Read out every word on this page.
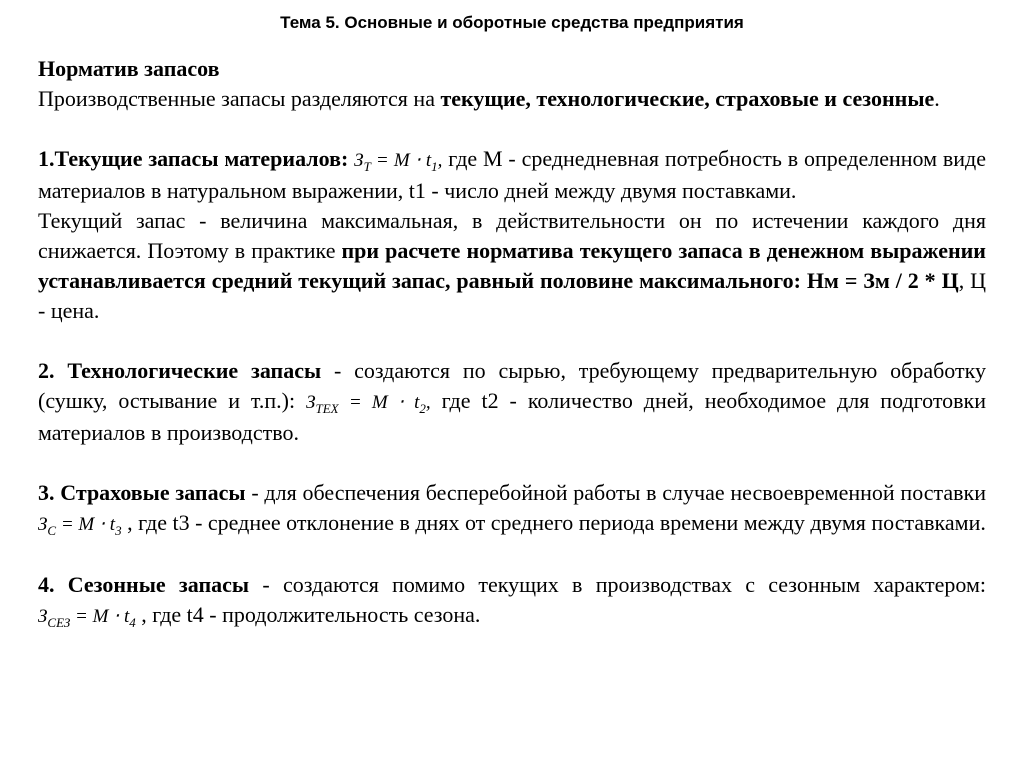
Тема 5. Основные и оборотные средства предприятия

Норматив запасов

Производственные запасы разделяются на текущие, технологические, страховые и сезонные.

1.Текущие запасы материалов: $З_Т = M \cdot t_1$, где М - среднедневная потребность в определенном виде материалов в натуральном выражении, t1 - число дней между двумя поставками.

Текущий запас - величина максимальная, в действительности он по истечении каждого дня снижается. Поэтому в практике при расчете норматива текущего запаса в денежном выражении устанавливается средний текущий запас, равный половине максимального: Нм = Зм / 2 * Ц, Ц - цена.

2. Технологические запасы - создаются по сырью, требующему предварительную обработку (сушку, остывание и т.п.): $З_{ТЕХ} = M \cdot t_2$, где t2 - количество дней, необходимое для подготовки материалов в производство.

3. Страховые запасы - для обеспечения бесперебойной работы в случае несвоевременной поставки $З_С = M \cdot t_3$ , где t3 - среднее отклонение в днях от среднего периода времени между двумя поставками.

4. Сезонные запасы - создаются помимо текущих в производствах с сезонным характером: $З_{СЕЗ} = M \cdot t_4$ , где t4 - продолжительность сезона.
